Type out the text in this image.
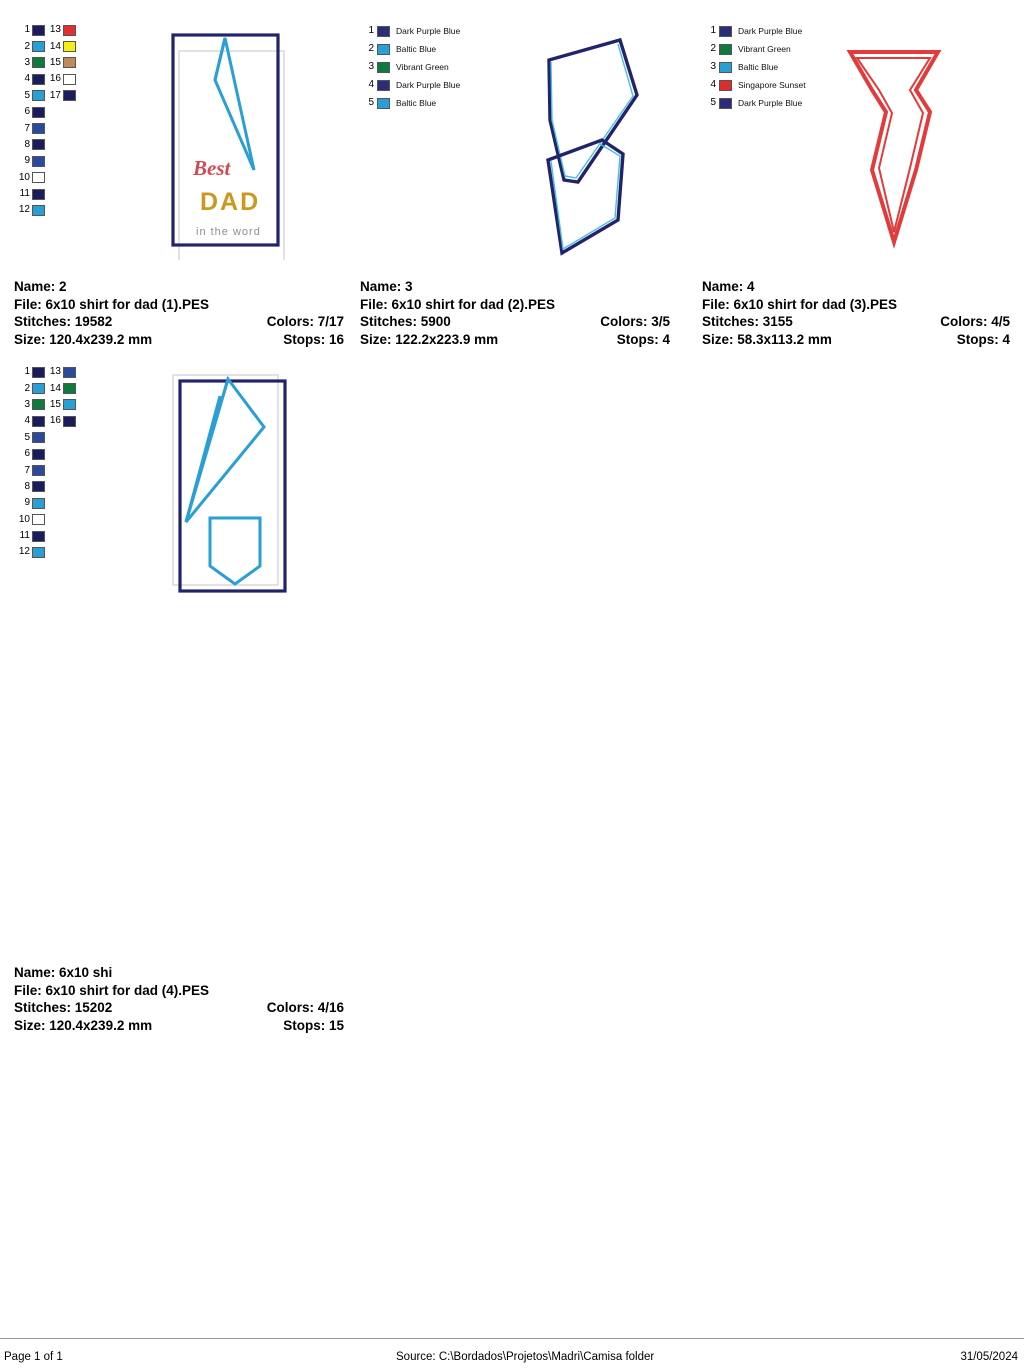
1
2
3
4
5
6
7
8
9
10
11
12
13
14
15
16
17
Best
DAD
in the word
Name: 2
File: 6x10 shirt for dad (1).PES
Stitches: 19582	Colors: 7/17
Size: 120.4x239.2 mm	Stops: 16
1	Dark Purple Blue
2	Baltic Blue
3	Vibrant Green
4	Dark Purple Blue
5	Baltic Blue
Name: 3
File: 6x10 shirt for dad (2).PES
Stitches: 5900	Colors: 3/5
Size: 122.2x223.9 mm	Stops: 4
1	Dark Purple Blue
2	Vibrant Green
3	Baltic Blue
4	Singapore Sunset
5	Dark Purple Blue
Name: 4
File: 6x10 shirt for dad (3).PES
Stitches: 3155	Colors: 4/5
Size: 58.3x113.2 mm	Stops: 4
1
2
3
4
5
6
7
8
9
10
11
12
13
14
15
16
Name: 6x10 shi
File: 6x10 shirt for dad (4).PES
Stitches: 15202	Colors: 4/16
Size: 120.4x239.2 mm	Stops: 15
Page 1 of 1	Source: C:\Bordados\Projetos\Madri\Camisa folder	31/05/2024
